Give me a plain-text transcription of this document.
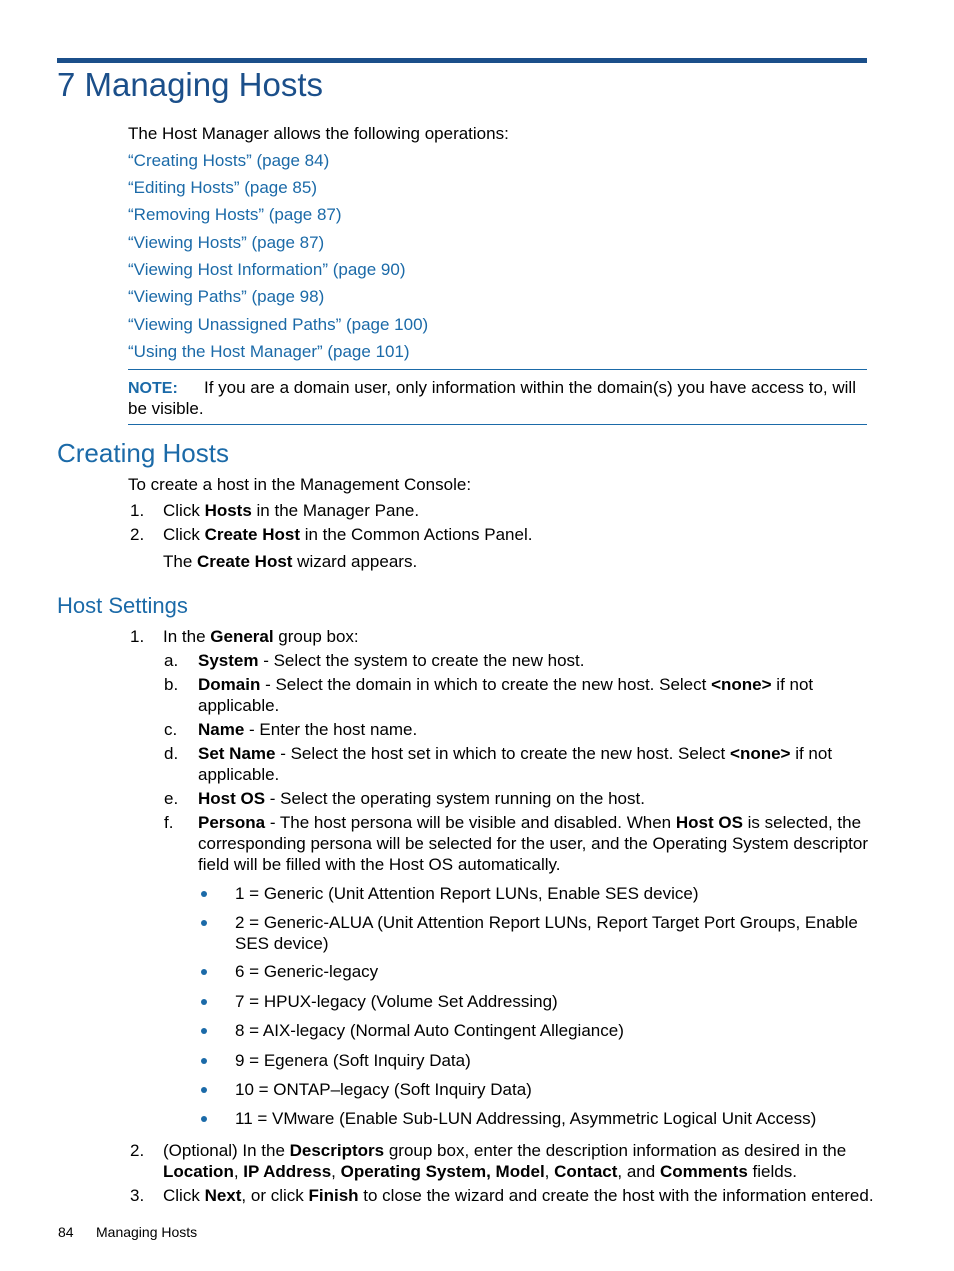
7 Managing Hosts
The Host Manager allows the following operations:
“Creating Hosts” (page 84)
“Editing Hosts” (page 85)
“Removing Hosts” (page 87)
“Viewing Hosts” (page 87)
“Viewing Host Information” (page 90)
“Viewing Paths” (page 98)
“Viewing Unassigned Paths” (page 100)
“Using the Host Manager” (page 101)
NOTE: If you are a domain user, only information within the domain(s) you have access to, will
be visible.
Creating Hosts
To create a host in the Management Console:
1. Click Hosts in the Manager Pane.
2. Click Create Host in the Common Actions Panel.
The Create Host wizard appears.
Host Settings
1. In the General group box:
a. System - Select the system to create the new host.
b. Domain - Select the domain in which to create the new host. Select <none> if not
applicable.
c. Name - Enter the host name.
d. Set Name - Select the host set in which to create the new host. Select <none> if not
applicable.
e. Host OS - Select the operating system running on the host.
f. Persona - The host persona will be visible and disabled. When Host OS is selected, the
corresponding persona will be selected for the user, and the Operating System descriptor
field will be filled with the Host OS automatically.
1 = Generic (Unit Attention Report LUNs, Enable SES device)
2 = Generic-ALUA (Unit Attention Report LUNs, Report Target Port Groups, Enable
SES device)
6 = Generic-legacy
7 = HPUX-legacy (Volume Set Addressing)
8 = AIX-legacy (Normal Auto Contingent Allegiance)
9 = Egenera (Soft Inquiry Data)
10 = ONTAP–legacy (Soft Inquiry Data)
11 = VMware (Enable Sub-LUN Addressing, Asymmetric Logical Unit Access)
2. (Optional) In the Descriptors group box, enter the description information as desired in the
Location, IP Address, Operating System, Model, Contact, and Comments fields.
3. Click Next, or click Finish to close the wizard and create the host with the information entered.
84 Managing Hosts
